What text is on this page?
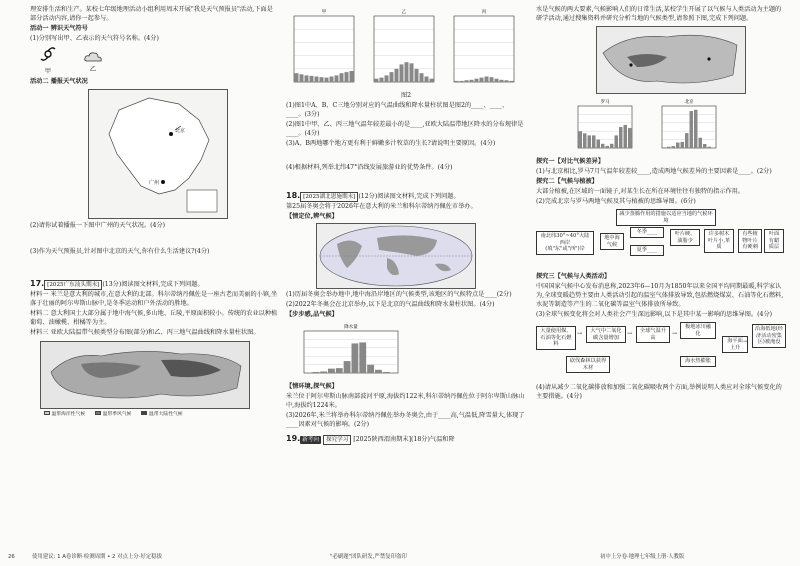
理安排生活和生产。某校七年级地理活动小组利用周末开展"我是天气预报员"活动,下面是部分活动内容,请你一起参与。

活动一 辨识天气符号

(1)分别写出甲、乙表示的天气符号名称。(4分)

甲	乙

活动二 播报天气状况

北京
广州

(2)请你试着播报一下图中广州的天气状况。(4分)

(3)作为天气预报员,针对图中北京的天气,你有什么生活建议?(4分)

17. [2025广东汕头期末] (13分)阅读图文材料,完成下列问题。

材料一 米兰是意大利的城市,在意大利的北部。科尔蒂纳丹佩佐是一座古老而美丽的小镇,坐落于壮丽的阿尔卑斯山脉中,是冬季运动和户外活动的胜地。

材料二 意大利国土大部分属于地中海气候,多山地、丘陵,平原面积较小。传统的农业以种植葡萄、油橄榄、柑橘等为主。

材料三 亚欧大陆温带气候类型分布图(部分)和乙、丙三地气温曲线和降水量柱状图。

温带海洋性气候	温带季风气候	温带大陆性气候
甲	乙	丙

图2

(1)图1中A、B、C三地分别对应的气温曲线和降水量柱状图是图2的____、____、____。(3分)

(2)图1中甲、乙、丙三地气温年较差最小的是____,亚欧大陆温带地区降水的分布规律是____。(4分)

(3)A、B两地哪个地方更有利于鲜嫩多汁牧草的生长?请说明主要原因。(4分)

(4)根据材料,列举北纬47°沿线发展旅游业的优势条件。(4分)

18. [2025湖北恩施期末] (12分)阅读图文材料,完成下列问题。

第25届冬奥会将于2026年在意大利的米兰和科尔蒂纳丹佩佐市举办。

【情定位,辨气候】

(1)历届冬奥会举办地中,地中海沿岸地区的气候类型,该地区的气候特点是____(2分)

(2)2022年冬奥会在北京举办,以下是北京的气温曲线和降水量柱状图。(4分)

【步步感,品气候】

降水量

【情环境,探气候】

米兰位于阿尔卑斯山脉南部波河平原,海拔约122米,科尔蒂纳丹佩佐位于阿尔卑斯山脉山中,海拔约1224米。

(3)2026年,米兰将举办科尔蒂纳丹佩佐举办冬奥会,由于____高,气温低,降雪量大,体现了____因素对气候的影响。(2分)

19. 新考向 探究学习 [2025陕西渭南期末](18分)气温和降

水是气候的两大要素,气候影响人们的日常生活,某校学生开展了以气候与人类活动为主题的研学活动,通过搜集资料并研究分析当地的气候类型,请参照下图,完成下列问题。

罗马	北京

探究一【对比气候差异】

(1)与北京相比,罗马7月气温年较差较____,造成两地气候差异的主要因素是____。(2分)

探究二【气候与植被】

大部分植被,在区域的一面镜子,对某生长在所在环境往往有独特的指示作用。

(2)完成北京与罗马两地气候及其与植被的思维导图。(6分)

减少蒸腾作用的措施以适应当地的气候环境
南北纬30°~40°大陆西岸
(填"东"或"西")岸
地中海气候
冬季____
夏季____
叶片硬、油脂少
许多树木叶片小,革质
有些植物叶片有硬刺
叶面有蜡质层

探究三【气候与人类活动】

中国国家气候中心发布消息称,2023年6—10月为1850年以来全国平均同期最暖,科学家认为,全球变暖趋势主要由人类活动引起的温室气体排放导致,包括燃烧煤炭、石油等化石燃料,水泥等制造等产生的二氧化碳等温室气体排放所导致。

(3)全球气候变化将会对人类社会产生深远影响,以下是其中某一影响的思维导图。(4分)

大量使用煤、石油等化石燃料
大气中二氧化碳含量增加
全球气温升高
极地冰川融化
海平面上升
沿海低地(经济活动密集区)被淹没
砍伐森林以获得木材
海水热膨胀
→	→	→
→

(4)请从减少二氧化碳排放和加强二氧化碳吸收两个方面,举例说明人类应对全球气候变化的主要措施。(4分)

26	使用建议: 1 A卷诊断·检测周期 • 2 对点上分·好定稳拔	"必刷题"团队研发,严禁复印盗印	初中上分卷·地理七年级上册·人教版
